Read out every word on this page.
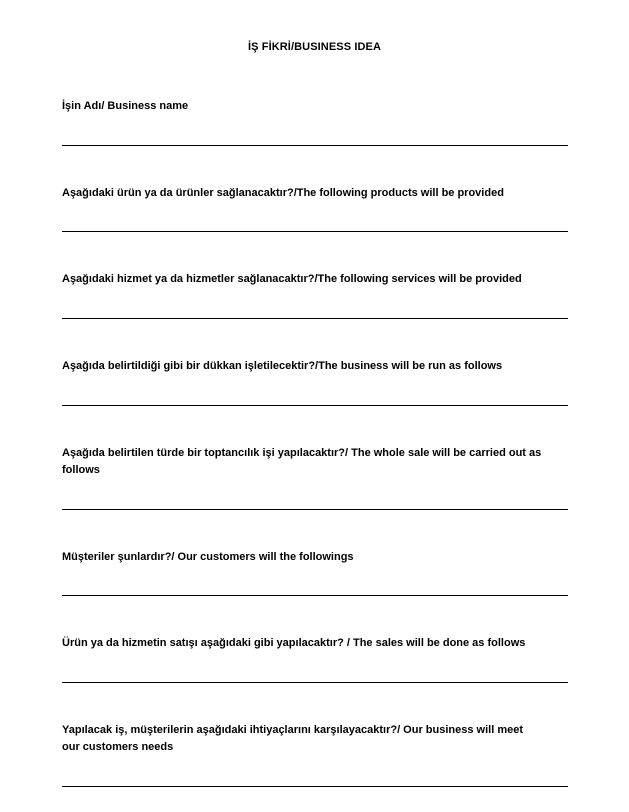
İŞ FİKRİ/BUSINESS IDEA
İşin Adı/ Business name
Aşağıdaki ürün ya da ürünler sağlanacaktır?/The following products will be provided
Aşağıdaki hizmet ya da hizmetler sağlanacaktır?/The following services will be provided
Aşağıda belirtildiği gibi bir dükkan işletilecektir?/The business will be run as follows
Aşağıda belirtilen türde bir toptancılık işi yapılacaktır?/ The whole sale will be carried out as follows
Müşteriler şunlardır?/ Our customers will the followings
Ürün ya da hizmetin satışı aşağıdaki gibi yapılacaktır? / The sales will be done as follows
Yapılacak iş, müşterilerin aşağıdaki ihtiyaçlarını karşılayacaktır?/ Our business will meet our customers needs
